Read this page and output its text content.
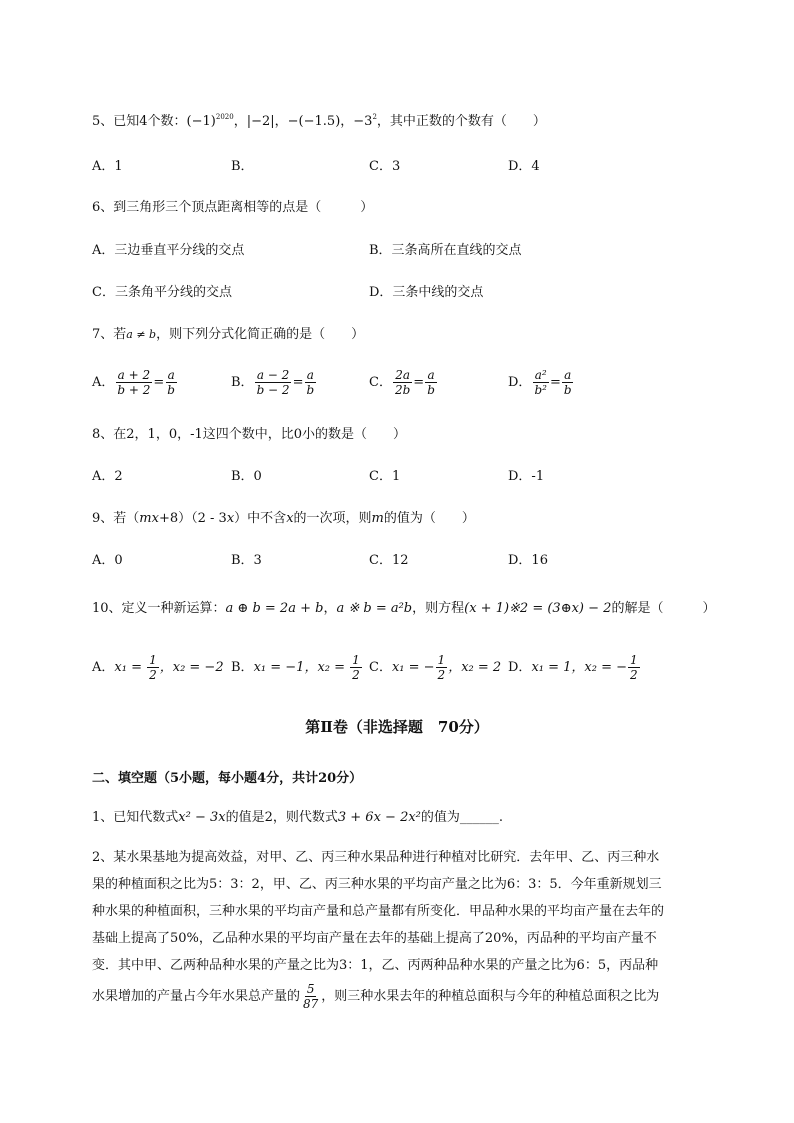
5、已知4个数：$(-1)^{2020}$，|−2|，−(−1.5)，$-3^2$，其中正数的个数有（　　）
A．1	B．	C．3	D．4
6、到三角形三个顶点距离相等的点是（　　　）
A．三边垂直平分线的交点	B．三条高所在直线的交点
C．三条角平分线的交点	D．三条中线的交点
7、若a ≠ b，则下列分式化简正确的是（　　）
A． $\frac{a + 2}{b + 2} = \frac{a}{b}$	B． $\frac{a - 2}{b - 2} = \frac{a}{b}$	C． $\frac{2a}{2b} = \frac{a}{b}$	D． $\frac{\text{a²}}{\text{b²}} = \frac{a}{b}$
8、在2，1，0，-1这四个数中，比0小的数是（　　）
A．2	B．0	C．1	D．-1
9、若（mx+8）（2 - 3x）中不含x的一次项，则m的值为（　　）
A．0	B．3	C．12	D．16
10、定义一种新运算：a ⊕ b = 2a + b，a ※ b = a²b，则方程(x + 1)※2 = (3⊕x) − 2的解是（　　　）
A．$x_1 = \frac{1}{2}$ ，x₂ = −2 B．x₁ = −1，$x_2 = \frac{1}{2}$ C．x₁ = − $\frac{1}{2}$ ，x₂ = 2 D．x₁ = 1，x₂ = − $\frac{1}{2}$
第Ⅱ卷（非选择题　70分）
二、填空题（5小题，每小题4分，共计20分）
1、已知代数式x² − 3x的值是2，则代数式3 + 6x − 2x²的值为______.
2、某水果基地为提高效益，对甲、乙、丙三种水果品种进行种植对比研究．去年甲、乙、丙三种水
果的种植面积之比为5：3：2，甲、乙、丙三种水果的平均亩产量之比为6：3：5．今年重新规划三
种水果的种植面积，三种水果的平均亩产量和总产量都有所变化．甲品种水果的平均亩产量在去年的
基础上提高了50%，乙品种水果的平均亩产量在去年的基础上提高了20%，丙品种的平均亩产量不
变．其中甲、乙两种品种水果的产量之比为3：1，乙、丙两种品种水果的产量之比为6：5，丙品种
水果增加的产量占今年水果总产量的 $\frac{5}{87}$ ，则三种水果去年的种植总面积与今年的种植总面积之比为
